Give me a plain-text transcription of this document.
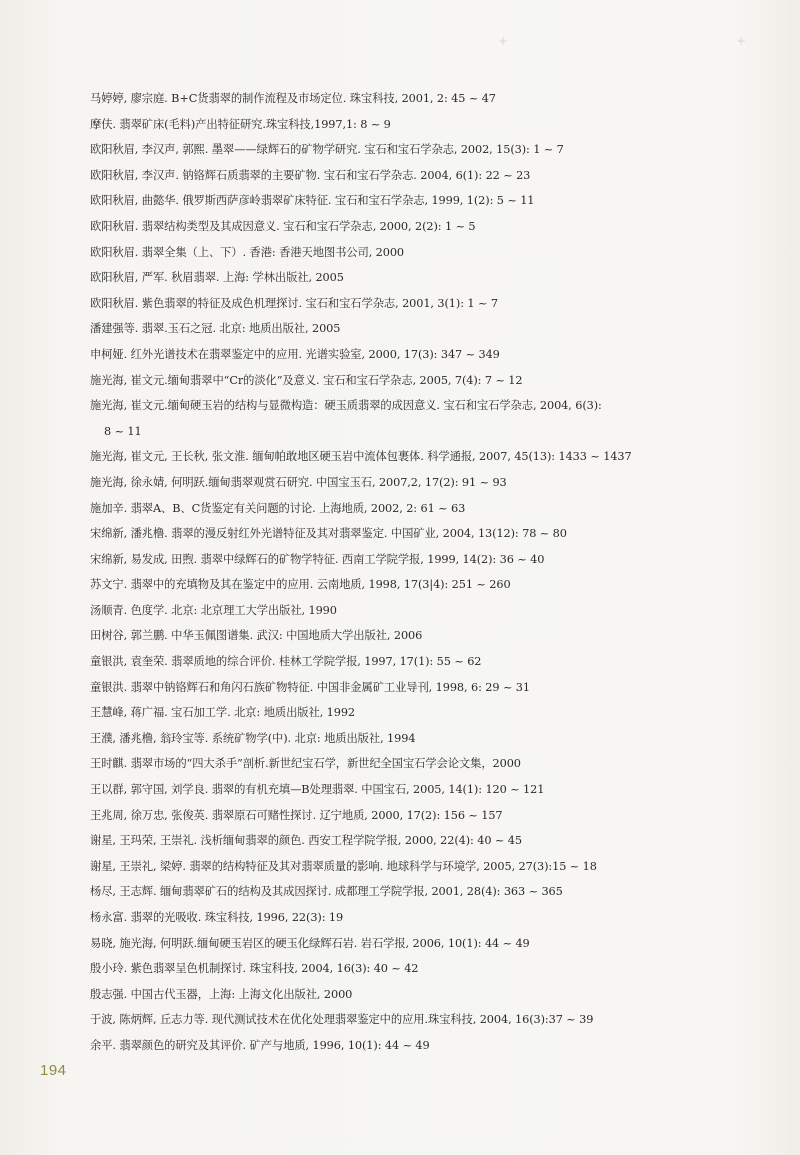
+	+
马婷婷, 廖宗庭. B+C货翡翠的制作流程及市场定位. 珠宝科技, 2001, 2: 45 ~ 47
摩伕. 翡翠矿床(毛料)产出特征研究.珠宝科技,1997,1: 8 ~ 9
欧阳秋眉, 李汉声, 郭熙. 墨翠——绿辉石的矿物学研究. 宝石和宝石学杂志, 2002, 15(3): 1 ~ 7
欧阳秋眉, 李汉声. 钠铬辉石质翡翠的主要矿物. 宝石和宝石学杂志. 2004, 6(1): 22 ~ 23
欧阳秋眉, 曲懿华. 俄罗斯西萨彦岭翡翠矿床特征. 宝石和宝石学杂志, 1999, 1(2): 5 ~ 11
欧阳秋眉. 翡翠结构类型及其成因意义. 宝石和宝石学杂志, 2000, 2(2): 1 ~ 5
欧阳秋眉. 翡翠全集（上、下）. 香港: 香港天地图书公司, 2000
欧阳秋眉, 严军. 秋眉翡翠. 上海: 学林出版社, 2005
欧阳秋眉. 紫色翡翠的特征及成色机理探讨. 宝石和宝石学杂志, 2001, 3(1): 1 ~ 7
潘建强等. 翡翠.玉石之冠. 北京: 地质出版社, 2005
申柯娅. 红外光谱技术在翡翠鉴定中的应用. 光谱实验室, 2000, 17(3): 347 ~ 349
施光海, 崔文元.缅甸翡翠中“Cr的淡化”及意义. 宝石和宝石学杂志, 2005, 7(4): 7 ~ 12
施光海, 崔文元.缅甸硬玉岩的结构与显微构造：硬玉质翡翠的成因意义. 宝石和宝石学杂志, 2004, 6(3):
8 ~ 11
施光海, 崔文元, 王长秋, 张文淮. 缅甸帕敢地区硬玉岩中流体包裹体. 科学通报, 2007, 45(13): 1433 ~ 1437
施光海, 徐永婧, 何明跃.缅甸翡翠观赏石研究. 中国宝玉石, 2007,2, 17(2): 91 ~ 93
施加辛. 翡翠A、B、C货鉴定有关问题的讨论. 上海地质, 2002, 2: 61 ~ 63
宋绵新, 潘兆橹. 翡翠的漫反射红外光谱特征及其对翡翠鉴定. 中国矿业, 2004, 13(12): 78 ~ 80
宋绵新, 易发成, 田煦. 翡翠中绿辉石的矿物学特征. 西南工学院学报, 1999, 14(2): 36 ~ 40
苏文宁. 翡翠中的充填物及其在鉴定中的应用. 云南地质, 1998, 17(3|4): 251 ~ 260
汤顺青. 色度学. 北京: 北京理工大学出版社, 1990
田树谷, 郭兰鹏. 中华玉佩图谱集. 武汉: 中国地质大学出版社, 2006
童银洪, 袁奎荣. 翡翠质地的综合评价. 桂林工学院学报, 1997, 17(1): 55 ~ 62
童银洪. 翡翠中钠铬辉石和角闪石族矿物特征. 中国非金属矿工业导刊, 1998, 6: 29 ~ 31
王慧峰, 蒋广福. 宝石加工学. 北京: 地质出版社, 1992
王濮, 潘兆橹, 翁玲宝等. 系统矿物学(中). 北京: 地质出版社, 1994
王时麒. 翡翠市场的“四大杀手”剖析.新世纪宝石学，新世纪全国宝石学会论文集，2000
王以群, 郭守国, 刘学良. 翡翠的有机充填—B处理翡翠. 中国宝石, 2005, 14(1): 120 ~ 121
王兆周, 徐万忠, 张俊英. 翡翠原石可赌性探讨. 辽宁地质, 2000, 17(2): 156 ~ 157
谢星, 王玛荣, 王崇礼. 浅析缅甸翡翠的颜色. 西安工程学院学报, 2000, 22(4): 40 ~ 45
谢星, 王崇礼, 梁婷. 翡翠的结构特征及其对翡翠质量的影响. 地球科学与环境学, 2005, 27(3):15 ~ 18
杨尽, 王志辉. 缅甸翡翠矿石的结构及其成因探讨. 成都理工学院学报, 2001, 28(4): 363 ~ 365
杨永富. 翡翠的光吸收. 珠宝科技, 1996, 22(3): 19
易晓, 施光海, 何明跃.缅甸硬玉岩区的硬玉化绿辉石岩. 岩石学报, 2006, 10(1): 44 ~ 49
殷小玲. 紫色翡翠呈色机制探讨. 珠宝科技, 2004, 16(3): 40 ~ 42
殷志强. 中国古代玉器，上海: 上海文化出版社, 2000
于波, 陈炳辉, 丘志力等. 现代测试技术在优化处理翡翠鉴定中的应用.珠宝科技, 2004, 16(3):37 ~ 39
余平. 翡翠颜色的研究及其评价. 矿产与地质, 1996, 10(1): 44 ~ 49
194
